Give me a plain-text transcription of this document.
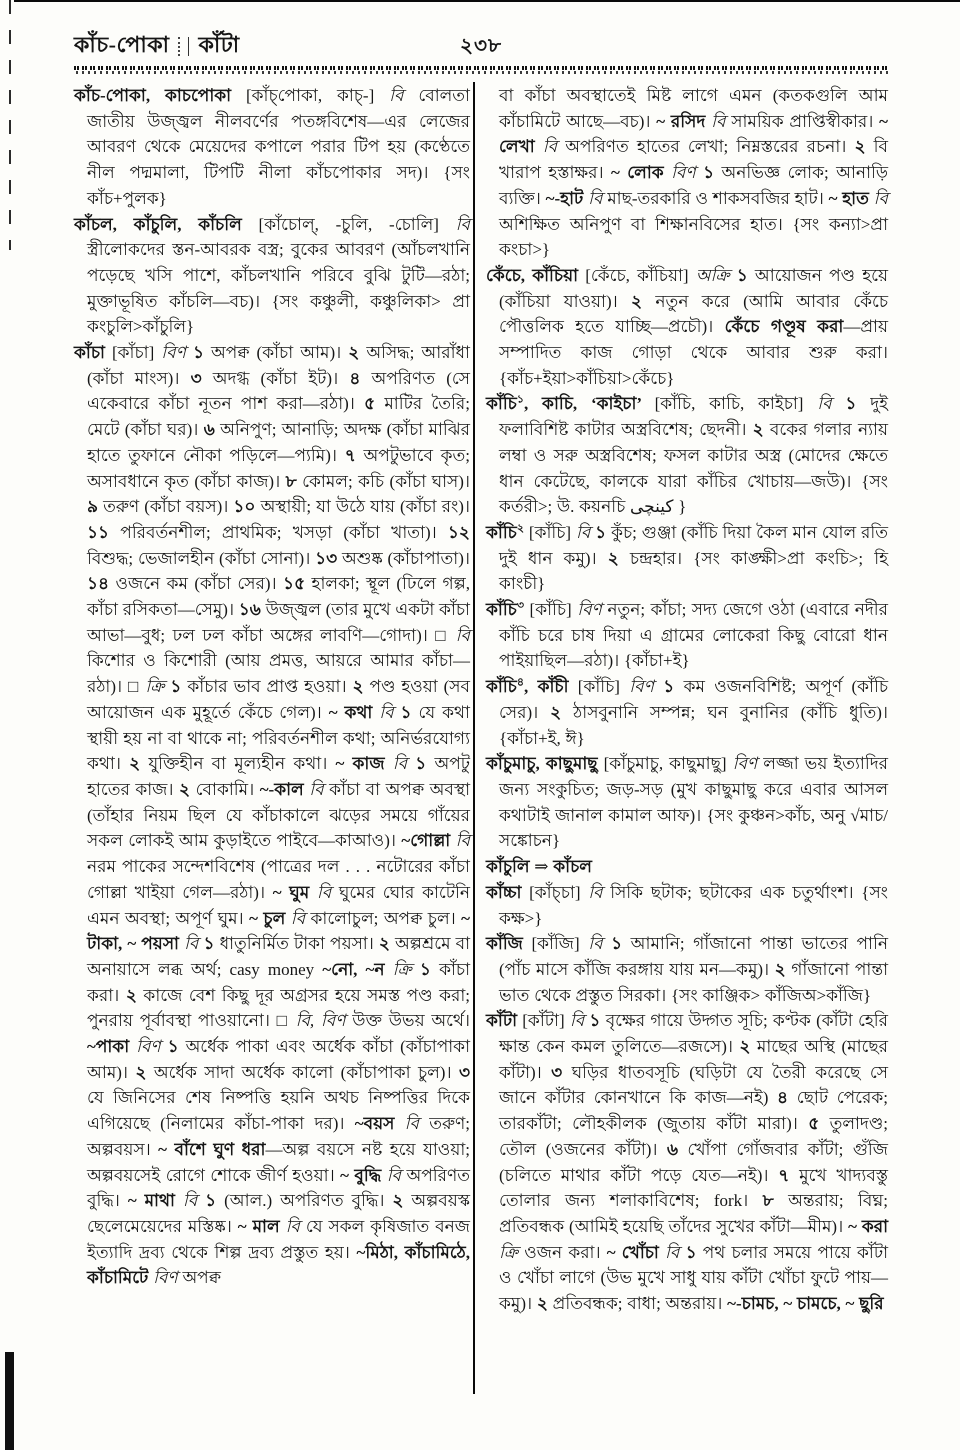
কাঁচ-পোকা কাঁটা	২৩৮

কাঁচ-পোকা, কাচপোকা [কাঁচ্‌পোকা, কাচ্‌-] বি বোলতা জাতীয় উজ্জ্বল নীলবর্ণের পতঙ্গবিশেষ—এর লেজের আবরণ থেকে মেয়েদের কপালে পরার টিপ হয় (কণ্ঠেতে নীল পদ্মমালা, টিপটি নীলা কাঁচপোকার সদ)। {সং কাঁচ+পুলক}

কাঁচল, কাঁচুলি, কাঁচলি [কাঁচোল্‌, -চুলি, -চোলি] বি স্ত্রীলোকদের স্তন-আবরক বস্ত্র; বুকের আবরণ (আঁচলখানি পড়েছে খসি পাশে, কাঁচলখানি পরিবে বুঝি টুটি—রঠা; মুক্তাভূষিত কাঁচলি—বচ)। {সং কঞ্চুলী, কঞ্চুলিকা> প্রা কংচুলি>কাঁচুলি}

কাঁচা [কাঁচা] বিণ ১ অপক্ব (কাঁচা আম)। ২ অসিদ্ধ; আরাঁধা (কাঁচা মাংস)। ৩ অদগ্ধ (কাঁচা ইট)। ৪ অপরিণত (সে একেবারে কাঁচা নূতন পাশ করা—রঠা)। ৫ মাটির তৈরি; মেটে (কাঁচা ঘর)। ৬ অনিপুণ; আনাড়ি; অদক্ষ (কাঁচা মাঝির হাতে তুফানে নৌকা পড়িলে—প্যমি)। ৭ অপটুভাবে কৃত; অসাবধানে কৃত (কাঁচা কাজ)। ৮ কোমল; কচি (কাঁচা ঘাস)। ৯ তরুণ (কাঁচা বয়স)। ১০ অস্থায়ী; যা উঠে যায় (কাঁচা রং)। ১১ পরিবর্তনশীল; প্রাথমিক; খসড়া (কাঁচা খাতা)। ১২ বিশুদ্ধ; ভেজালহীন (কাঁচা সোনা)। ১৩ অশুষ্ক (কাঁচাপাতা)। ১৪ ওজনে কম (কাঁচা সের)। ১৫ হালকা; স্থূল (ঢিলে গল্প, কাঁচা রসিকতা—সেমু)। ১৬ উজ্জ্বল (তার মুখে একটা কাঁচা আভা—বুধ; ঢল ঢল কাঁচা অঙ্গের লাবণি—গোদা)। □ বি কিশোর ও কিশোরী (আয় প্রমত্ত, আয়রে আমার কাঁচা—রঠা)। □ ক্রি ১ কাঁচার ভাব প্রাপ্ত হওয়া। ২ পণ্ড হওয়া (সব আয়োজন এক মুহূর্তে কেঁচে গেল)। ~ কথা বি ১ যে কথা স্থায়ী হয় না বা থাকে না; পরিবর্তনশীল কথা; অনির্ভরযোগ্য কথা। ২ যুক্তিহীন বা মূল্যহীন কথা। ~ কাজ বি ১ অপটু হাতের কাজ। ২ বোকামি। ~-কাল বি কাঁচা বা অপক্ব অবস্থা (তাঁহার নিয়ম ছিল যে কাঁচাকালে ঝড়ের সময়ে গাঁয়ের সকল লোকই আম কুড়াইতে পাইবে—কাআও)। ~গোল্লা বি নরম পাকের সন্দেশবিশেষ (পাত্রের দল . . . নটোরের কাঁচা গোল্লা খাইয়া গেল—রঠা)। ~ ঘুম বি ঘুমের ঘোর কাটেনি এমন অবস্থা; অপূর্ণ ঘুম। ~ চুল বি কালোচুল; অপক্ব চুল। ~ টাকা, ~ পয়সা বি ১ ধাতুনির্মিত টাকা পয়সা। ২ অল্পশ্রমে বা অনায়াসে লব্ধ অর্থ; casy money ~নো, ~ন ক্রি ১ কাঁচা করা। ২ কাজে বেশ কিছু দূর অগ্রসর হয়ে সমস্ত পণ্ড করা; পুনরায় পূর্বাবস্থা পাওয়ানো। □ বি, বিণ উক্ত উভয় অর্থে। ~পাকা বিণ ১ অর্ধেক পাকা এবং অর্ধেক কাঁচা (কাঁচাপাকা আম)। ২ অর্ধেক সাদা অর্ধেক কালো (কাঁচাপাকা চুল)। ৩ যে জিনিসের শেষ নিষ্পত্তি হয়নি অথচ নিষ্পত্তির দিকে এগিয়েছে (নিলামের কাঁচা-পাকা দর)। ~বয়স বি তরুণ; অল্পবয়স। ~ বাঁশে ঘুণ ধরা—অল্প বয়সে নষ্ট হয়ে যাওয়া; অল্পবয়সেই রোগে শোকে জীর্ণ হওয়া। ~ বুদ্ধি বি অপরিণত বুদ্ধি। ~ মাথা বি ১ (আল.) অপরিণত বুদ্ধি। ২ অল্পবয়স্ক ছেলেমেয়েদের মস্তিষ্ক। ~ মাল বি যে সকল কৃষিজাত বনজ ইত্যাদি দ্রব্য থেকে শিল্প দ্রব্য প্রস্তুত হয়। ~মিঠা, কাঁচামিঠে, কাঁচামিটে বিণ অপক্ব

বা কাঁচা অবস্থাতেই মিষ্ট লাগে এমন (কতকগুলি আম কাঁচামিটে আছে—বচ)। ~ রসিদ বি সাময়িক প্রাপ্তিস্বীকার। ~ লেখা বি অপরিণত হাতের লেখা; নিম্নস্তরের রচনা। ২ বি খারাপ হস্তাক্ষর। ~ লোক বিণ ১ অনভিজ্ঞ লোক; আনাড়ি ব্যক্তি। ~-হাট বি মাছ-তরকারি ও শাকসবজির হাট। ~ হাত বি অশিক্ষিত অনিপুণ বা শিক্ষানবিসের হাত। {সং কন্যা>প্রা কংচা>}

কেঁচে, কাঁচিয়া [কেঁচে, কাঁচিয়া] অক্রি ১ আয়োজন পণ্ড হয়ে (কাঁচিয়া যাওয়া)। ২ নতুন করে (আমি আবার কেঁচে পৌত্তলিক হতে যাচ্ছি—প্রচৌ)। কেঁচে গণ্ডূষ করা—প্রায় সম্পাদিত কাজ গোড়া থেকে আবার শুরু করা। {কাঁচ+ইয়া>কাঁচিয়া>কেঁচে}

কাঁচি$^১$, কাচি, ‘কাইচা’ [কাঁচি, কাচি, কাইচা] বি ১ দুই ফলাবিশিষ্ট কাটার অস্ত্রবিশেষ; ছেদনী। ২ বকের গলার ন্যায় লম্বা ও সরু অস্ত্রবিশেষ; ফসল কাটার অস্ত্র (মোদের ক্ষেতে ধান কেটেছে, কালকে যারা কাঁচির খোচায়—জউ)। {সং কর্তরী>; উ. কয়নচি کینچی }

কাঁচি$^২$ [কাঁচি] বি ১ কুঁচ; গুঞ্জা (কাঁচি দিয়া কৈল মান যোল রতি দুই ধান কমু)। ২ চন্দ্রহার। {সং কাঙ্ক্ষী>প্রা কংচি>; হি কাংচী}

কাঁচি$^৩$ [কাঁচি] বিণ নতুন; কাঁচা; সদ্য জেগে ওঠা (এবারে নদীর কাঁচি চরে চাষ দিয়া এ গ্রামের লোকেরা কিছু বোরো ধান পাইয়াছিল—রঠা)। {কাঁচা+ই}

কাঁচি$^৪$, কাঁচী [কাঁচি] বিণ ১ কম ওজনবিশিষ্ট; অপূর্ণ (কাঁচি সের)। ২ ঠাসবুনানি সম্পন্ন; ঘন বুনানির (কাঁচি ধুতি)। {কাঁচা+ই, ঈ}

কাঁচুমাচু, কাছুমাছু [কাঁচুমাচু, কাছুমাছু] বিণ লজ্জা ভয় ইত্যাদির জন্য সংকুচিত; জড়-সড় (মুখ কাছুমাছু করে এবার আসল কথাটাই জানাল কামাল আফ)। {সং কুঞ্চন>কাঁচ, অনু √মাচ/সঙ্কোচন}

কাঁচুলি ⇒ কাঁচল

কাঁচ্চা [কাঁচ্‌চা] বি সিকি ছটাক; ছটাকের এক চতুর্থাংশ। {সং কক্ষ>}

কাঁজি [কাঁজি] বি ১ আমানি; গাঁজানো পান্তা ভাতের পানি (পাঁচ মাসে কাঁজি করঙ্গায় যায় মন—কমু)। ২ গাঁজানো পান্তা ভাত থেকে প্রস্তুত সিরকা। {সং কাঞ্জিক> কাঁজিঅ>কাঁজি}

কাঁটা [কাঁটা] বি ১ বৃক্ষের গায়ে উদ্গত সূচি; কণ্টক (কাঁটা হেরি ক্ষান্ত কেন কমল তুলিতে—রজসে)। ২ মাছের অস্থি (মাছের কাঁটা)। ৩ ঘড়ির ধাতবসূচি (ঘড়িটা যে তৈরী করেছে সে জানে কাঁটার কোনখানে কি কাজ—নই) ৪ ছোট পেরেক; তারকাঁটা; লৌহকীলক (জুতায় কাঁটা মারা)। ৫ তুলাদণ্ড; তৌল (ওজনের কাঁটা)। ৬ খোঁপা গোঁজবার কাঁটা; গুঁজি (চলিতে মাথার কাঁটা পড়ে যেত—নই)। ৭ মুখে খাদ্যবস্তু তোলার জন্য শলাকাবিশেষ; fork। ৮ অন্তরায়; বিঘ্ন; প্রতিবন্ধক (আমিই হয়েছি তাঁদের সুখের কাঁটা—মীম)। ~ করা ক্রি ওজন করা। ~ খোঁচা বি ১ পথ চলার সময়ে পায়ে কাঁটা ও খোঁচা লাগে (উভ মুখে সাধু যায় কাঁটা খোঁচা ফুটে পায়—কমু)। ২ প্রতিবন্ধক; বাধা; অন্তরায়। ~-চামচ, ~ চামচে, ~ ছুরি
